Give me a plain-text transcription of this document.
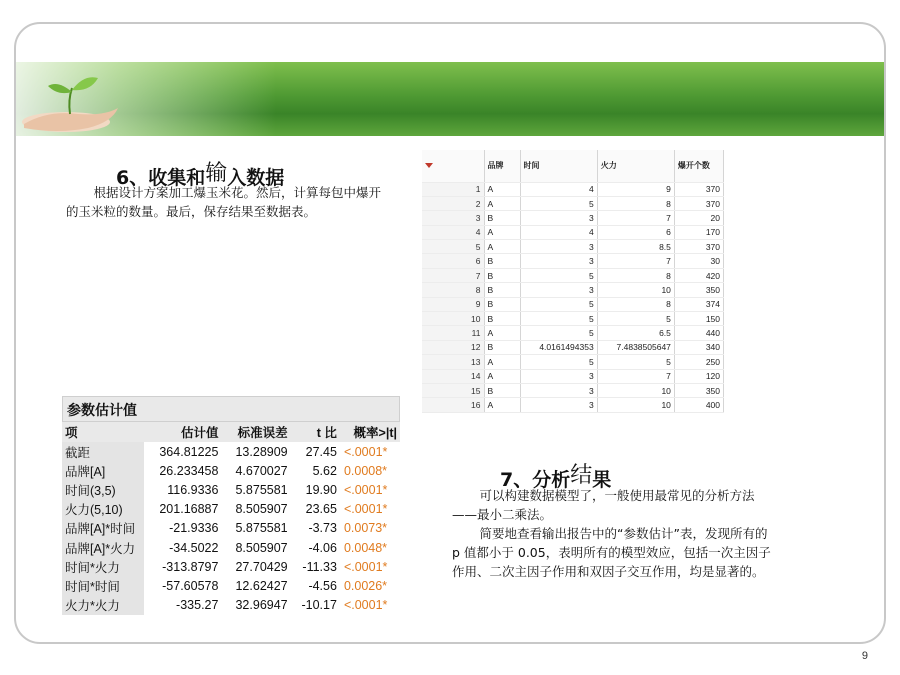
6、收集和输入数据

根据设计方案加工爆玉米花。然后，计算每包中爆开的玉米粒的数量。最后，保存结果至数据表。

	品牌	时间	火力	爆开个数
1	A	4	9	370
2	A	5	8	370
3	B	3	7	20
4	A	4	6	170
5	A	3	8.5	370
6	B	3	7	30
7	B	5	8	420
8	B	3	10	350
9	B	5	8	374
10	B	5	5	150
11	A	5	6.5	440
12	B	4.0161494353	7.4838505647	340
13	A	5	5	250
14	A	3	7	120
15	B	3	10	350
16	A	3	10	400
参数估计值
项	估计值	标准误差	t 比	概率>|t|
截距	364.81225	13.28909	27.45	<.0001*
品牌[A]	26.233458	4.670027	5.62	0.0008*
时间(3,5)	116.9336	5.875581	19.90	<.0001*
火力(5,10)	201.16887	8.505907	23.65	<.0001*
品牌[A]*时间	-21.9336	5.875581	-3.73	0.0073*
品牌[A]*火力	-34.5022	8.505907	-4.06	0.0048*
时间*火力	-313.8797	27.70429	-11.33	<.0001*
时间*时间	-57.60578	12.62427	-4.56	0.0026*
火力*火力	-335.27	32.96947	-10.17	<.0001*
7、分析结果

可以构建数据模型了，一般使用最常见的分析方法——最小二乘法。

简要地查看输出报告中的“参数估计”表，发现所有的 p 值都小于 0.05，表明所有的模型效应，包括一次主因子作用、二次主因子作用和双因子交互作用，均是显著的。

9
